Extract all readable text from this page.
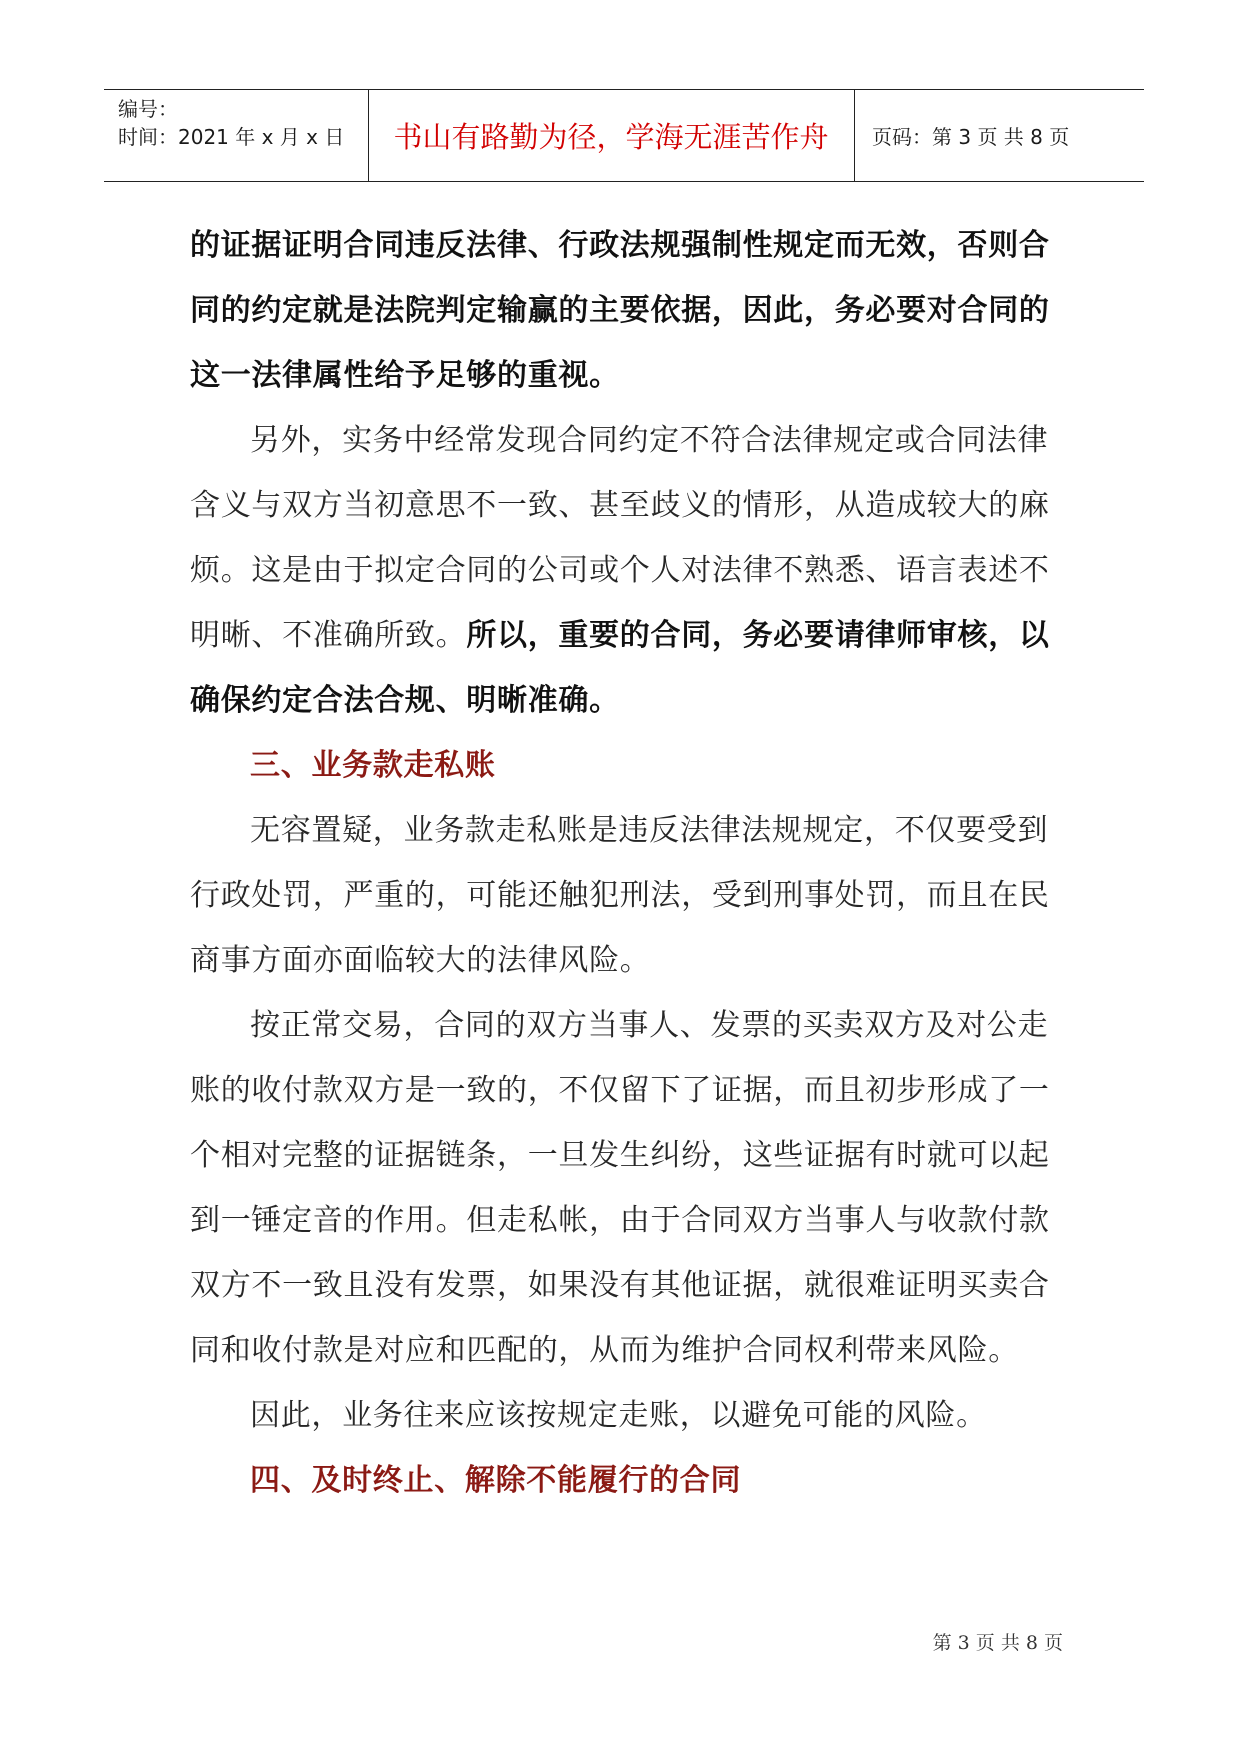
编号：
时间：2021 年 x 月 x 日	书山有路勤为径，学海无涯苦作舟	页码：第 3 页 共 8 页

的证据证明合同违反法律、行政法规强制性规定而无效，否则合同的约定就是法院判定输赢的主要依据，因此，务必要对合同的这一法律属性给予足够的重视。

另外，实务中经常发现合同约定不符合法律规定或合同法律含义与双方当初意思不一致、甚至歧义的情形，从造成较大的麻烦。这是由于拟定合同的公司或个人对法律不熟悉、语言表述不明晰、不准确所致。所以，重要的合同，务必要请律师审核，以确保约定合法合规、明晰准确。

三、业务款走私账

无容置疑，业务款走私账是违反法律法规规定，不仅要受到行政处罚，严重的，可能还触犯刑法，受到刑事处罚，而且在民商事方面亦面临较大的法律风险。

按正常交易，合同的双方当事人、发票的买卖双方及对公走账的收付款双方是一致的，不仅留下了证据，而且初步形成了一个相对完整的证据链条，一旦发生纠纷，这些证据有时就可以起到一锤定音的作用。但走私帐，由于合同双方当事人与收款付款双方不一致且没有发票，如果没有其他证据，就很难证明买卖合同和收付款是对应和匹配的，从而为维护合同权利带来风险。

因此，业务往来应该按规定走账，以避免可能的风险。

四、及时终止、解除不能履行的合同

第 3 页 共 8 页
